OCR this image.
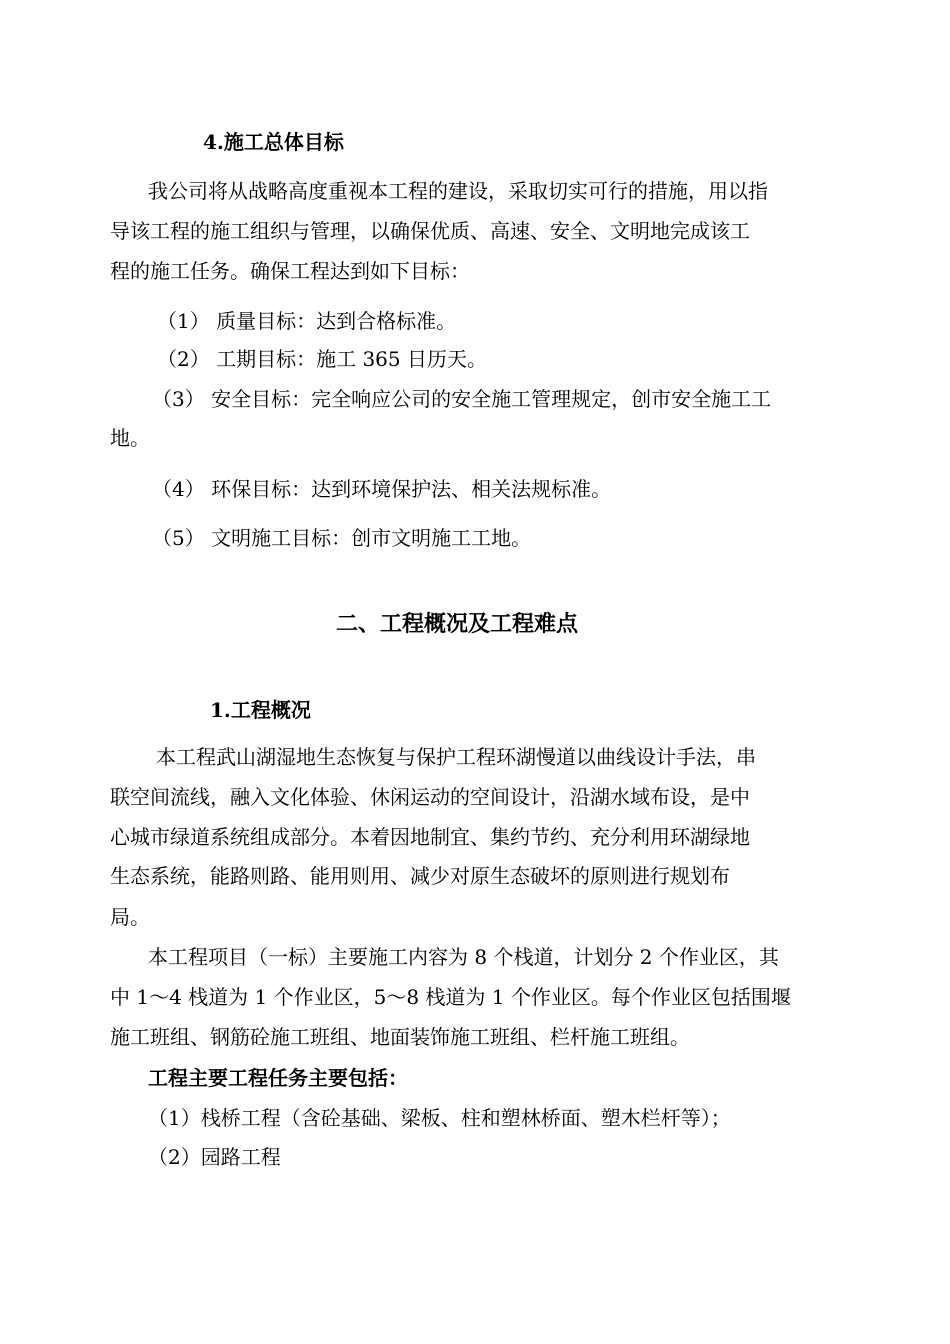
4.施工总体目标
我公司将从战略高度重视本工程的建设，采取切实可行的措施，用以指
导该工程的施工组织与管理，以确保优质、高速、安全、文明地完成该工
程的施工任务。确保工程达到如下目标：
（1） 质量目标：达到合格标准。
（2） 工期目标：施工 365 日历天。
（3） 安全目标：完全响应公司的安全施工管理规定，创市安全施工工
地。
（4） 环保目标：达到环境保护法、相关法规标准。
（5） 文明施工目标：创市文明施工工地。
二、工程概况及工程难点
1.工程概况
本工程武山湖湿地生态恢复与保护工程环湖慢道以曲线设计手法，串
联空间流线，融入文化体验、休闲运动的空间设计，沿湖水域布设，是中
心城市绿道系统组成部分。本着因地制宜、集约节约、充分利用环湖绿地
生态系统，能路则路、能用则用、减少对原生态破坏的原则进行规划布
局。
本工程项目（一标）主要施工内容为 8 个栈道，计划分 2 个作业区，其
中 1～4 栈道为 1 个作业区，5～8 栈道为 1 个作业区。每个作业区包括围堰
施工班组、钢筋砼施工班组、地面装饰施工班组、栏杆施工班组。
工程主要工程任务主要包括：
（1）栈桥工程（含砼基础、梁板、柱和塑林桥面、塑木栏杆等）；
（2）园路工程
